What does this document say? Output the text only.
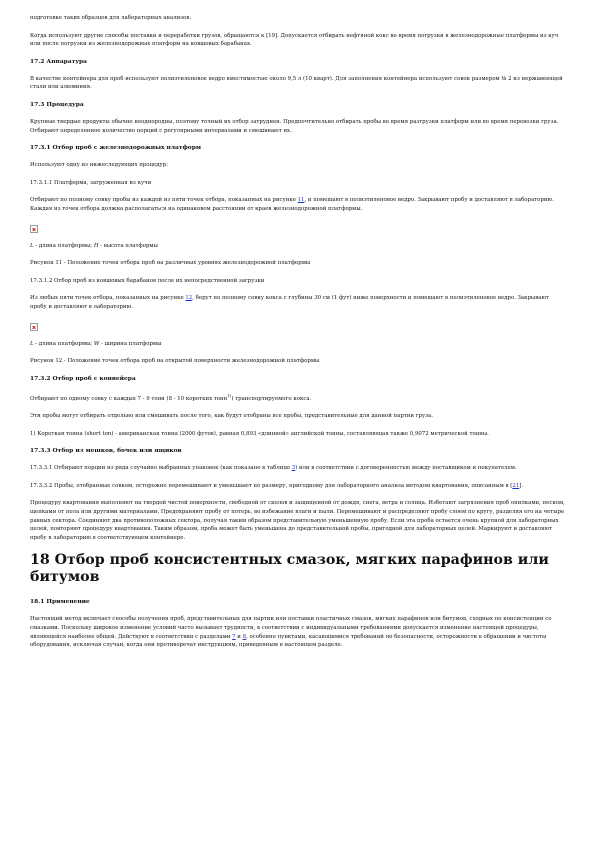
подготовке таких образцов для лабораторных анализов.

Когда используют другие способы поставки и переработки грузов, обращаются к [19]. Допускается отбирать нефтяной кокс во время погрузки в железнодорожные платформы из куч или после погрузки из железнодорожных платформ на ковшовых барабанах.

17.2 Аппаратура

В качестве контейнера для проб используют полиэтиленовое ведро вместимостью около 9,5 л (10 кварт). Для заполнения контейнера используют совок размером № 2 из нержавеющей стали или алюминия.

17.3 Процедура

Крупные твердые продукты обычно неоднородны, поэтому точный их отбор затруднен. Предпочтительно отбирать пробы во время разгрузки платформ или во время перевозки груза. Отбирают определенное количество порций с регулярными интервалами и смешивают их.

17.3.1 Отбор проб с железнодорожных платформ

Используют одну из нижеследующих процедур:

17.3.1.1 Платформа, загруженная из кучи

Отбирают по полному совку пробы из каждой из пяти точек отбора, показанных на рисунке 11, и помещают в полиэтиленовое ведро. Закрывают пробу и доставляют в лабораторию. Каждая из точек отбора должна располагаться на одинаковом расстоянии от краев железнодорожной платформы.

L - длина платформы; H - высота платформы

Рисунок 11 - Положение точек отбора проб на различных уровнях железнодорожной платформы

17.3.1.2 Отбор проб из ковшовых барабанов после их непосредственной загрузки

Из любых пяти точек отбора, показанных на рисунке 12, берут по полному совку кокса с глубины 30 см (1 фут) ниже поверхности и помещают в полиэтиленовое ведро. Закрывают пробу и доставляют в лабораторию.

L - длина платформы; W - ширина платформы

Рисунок 12 - Положение точек отбора проб на открытой поверхности железнодорожной платформы

17.3.2 Отбор проб с конвейера

Отбирают по одному совку с каждых 7 - 9 тонн (8 - 10 коротких тонн$^{1)}$) транспортируемого кокса.

Эти пробы могут отбирать отдельно или смешивать после того, как будут отобраны все пробы, представительные для данной партии груза.

1) Короткая тонна (short ton) - американская тонна (2000 футов), равная 0,893 «длинной» английской тонны, составляющая также 0,9072 метрической тонны.

17.3.3 Отбор из мешков, бочек или ящиков

17.3.3.1 Отбирают порции из ряда случайно выбранных упаковок (как показано в таблице 3) или в соответствии с договоренностью между поставщиком и покупателем.

17.3.3.2 Пробы, отобранные совком, осторожно перемешивают и уменьшают по размеру, пригодному для лабораторного анализа методом квартования, описанным в [21].

Процедуру квартования выполняют на твердой чистой поверхности, свободной от сколов и защищенной от дождя, снега, ветра и солнца. Избегают загрязнения проб опилками, песком, щепками от пола или другими материалами. Предохраняют пробу от потерь, во избежание влаги и пыли. Перемешивают и распределяют пробу слоем по кругу, разделяя его на четыре равных сектора. Соединяют два противоположных сектора, получая таким образом представительную уменьшенную пробу. Если эта проба остается очень крупной для лабораторных целей, повторяют процедуру квартования. Таким образом, проба может быть уменьшена до представительной пробы, пригодной для лабораторных целей. Маркируют и доставляют пробу в лабораторию в соответствующем контейнере.

18 Отбор проб консистентных смазок, мягких парафинов или битумов
18.1 Применение

Настоящий метод включает способы получения проб, представительных для партии или поставки пластичных смазок, мягких парафинов или битумов, сходных по консистенции со смазками. Поскольку широкое изменение условий часто вызывает трудности, в соответствии с индивидуальными требованиями допускается изменение настоящей процедуры, являющейся наиболее общей. Действуют в соответствии с разделами 7 и 8, особенно пунктами, касающимися требований по безопасности, осторожности в обращении и чистоты оборудования, исключая случаи, когда они противоречат инструкциям, приведенным в настоящем разделе.
